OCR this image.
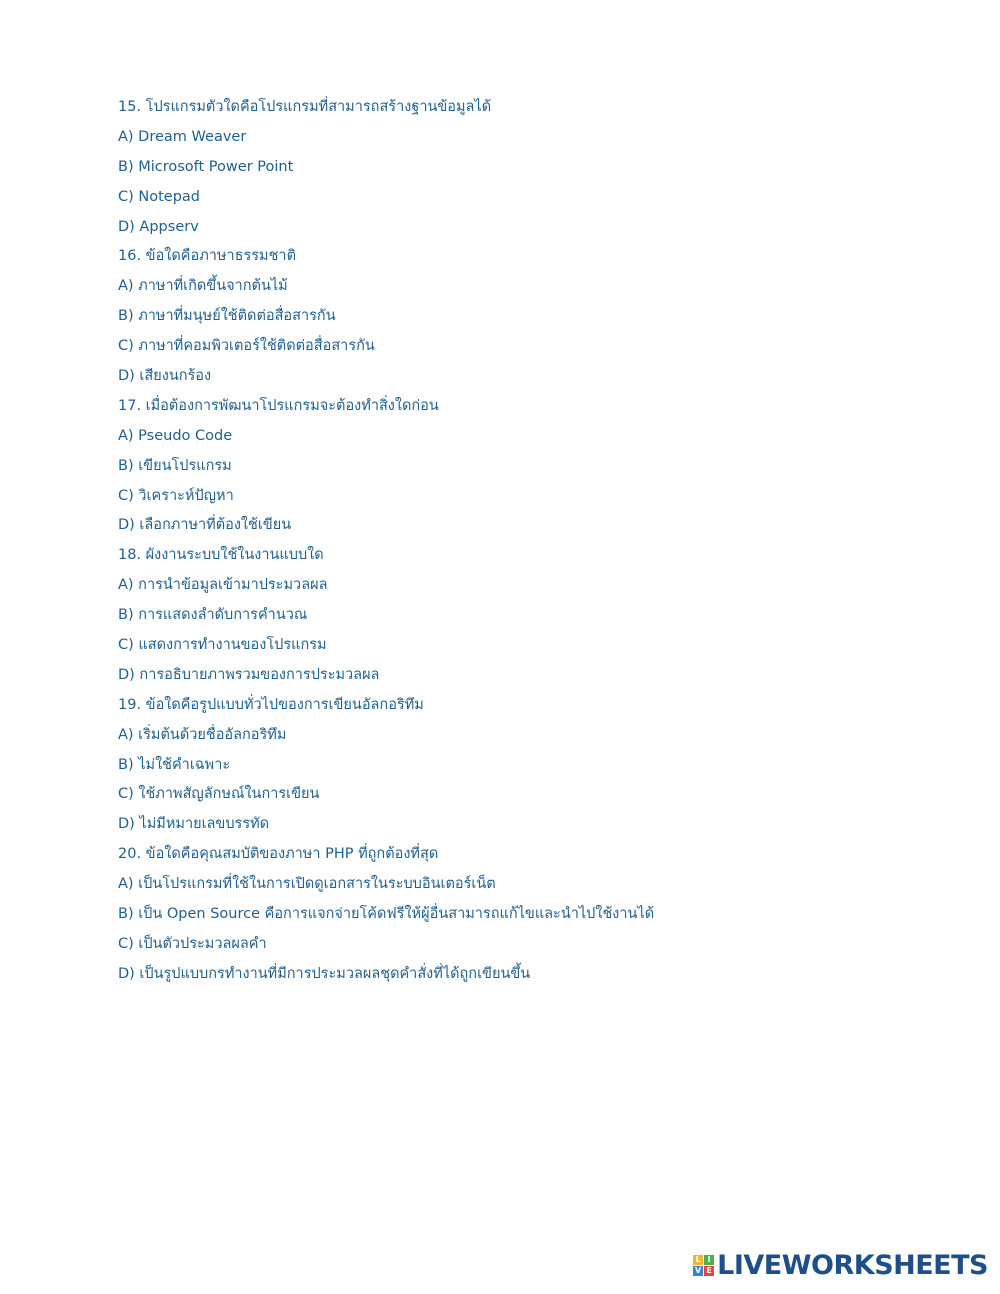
15. โปรแกรมตัวใดคือโปรแกรมที่สามารถสร้างฐานข้อมูลได้
A) Dream Weaver
B) Microsoft Power Point
C) Notepad
D) Appserv
16. ข้อใดคือภาษาธรรมชาติ
A) ภาษาที่เกิดขึ้นจากต้นไม้
B) ภาษาที่มนุษย์ใช้ติดต่อสื่อสารกัน
C) ภาษาที่คอมพิวเตอร์ใช้ติดต่อสื่อสารกัน
D) เสียงนกร้อง
17. เมื่อต้องการพัฒนาโปรแกรมจะต้องทำสิ่งใดก่อน
A) Pseudo Code
B) เขียนโปรแกรม
C) วิเคราะห์ปัญหา
D) เลือกภาษาที่ต้องใช้เขียน
18. ผังงานระบบใช้ในงานแบบใด
A) การนำข้อมูลเข้ามาประมวลผล
B) การแสดงลำดับการคำนวณ
C) แสดงการทำงานของโปรแกรม
D) การอธิบายภาพรวมของการประมวลผล
19. ข้อใดคือรูปแบบทั่วไปของการเขียนอัลกอริทึม
A) เริ่มต้นด้วยชื่ออัลกอริทึม
B) ไม่ใช้คำเฉพาะ
C) ใช้ภาพสัญลักษณ์ในการเขียน
D) ไม่มีหมายเลขบรรทัด
20. ข้อใดคือคุณสมบัติของภาษา PHP ที่ถูกต้องที่สุด
A) เป็นโปรแกรมที่ใช้ในการเปิดดูเอกสารในระบบอินเตอร์เน็ต
B) เป็น Open Source คือการแจกจ่ายโค้ดฟรีให้ผู้อื่นสามารถแก้ไขและนำไปใช้งานได้
C) เป็นตัวประมวลผลคำ
D) เป็นรูปแบบกรทำงานที่มีการประมวลผลชุดคำสั่งที่ได้ถูกเขียนขึ้น
L I
V E LIVEWORKSHEETS
